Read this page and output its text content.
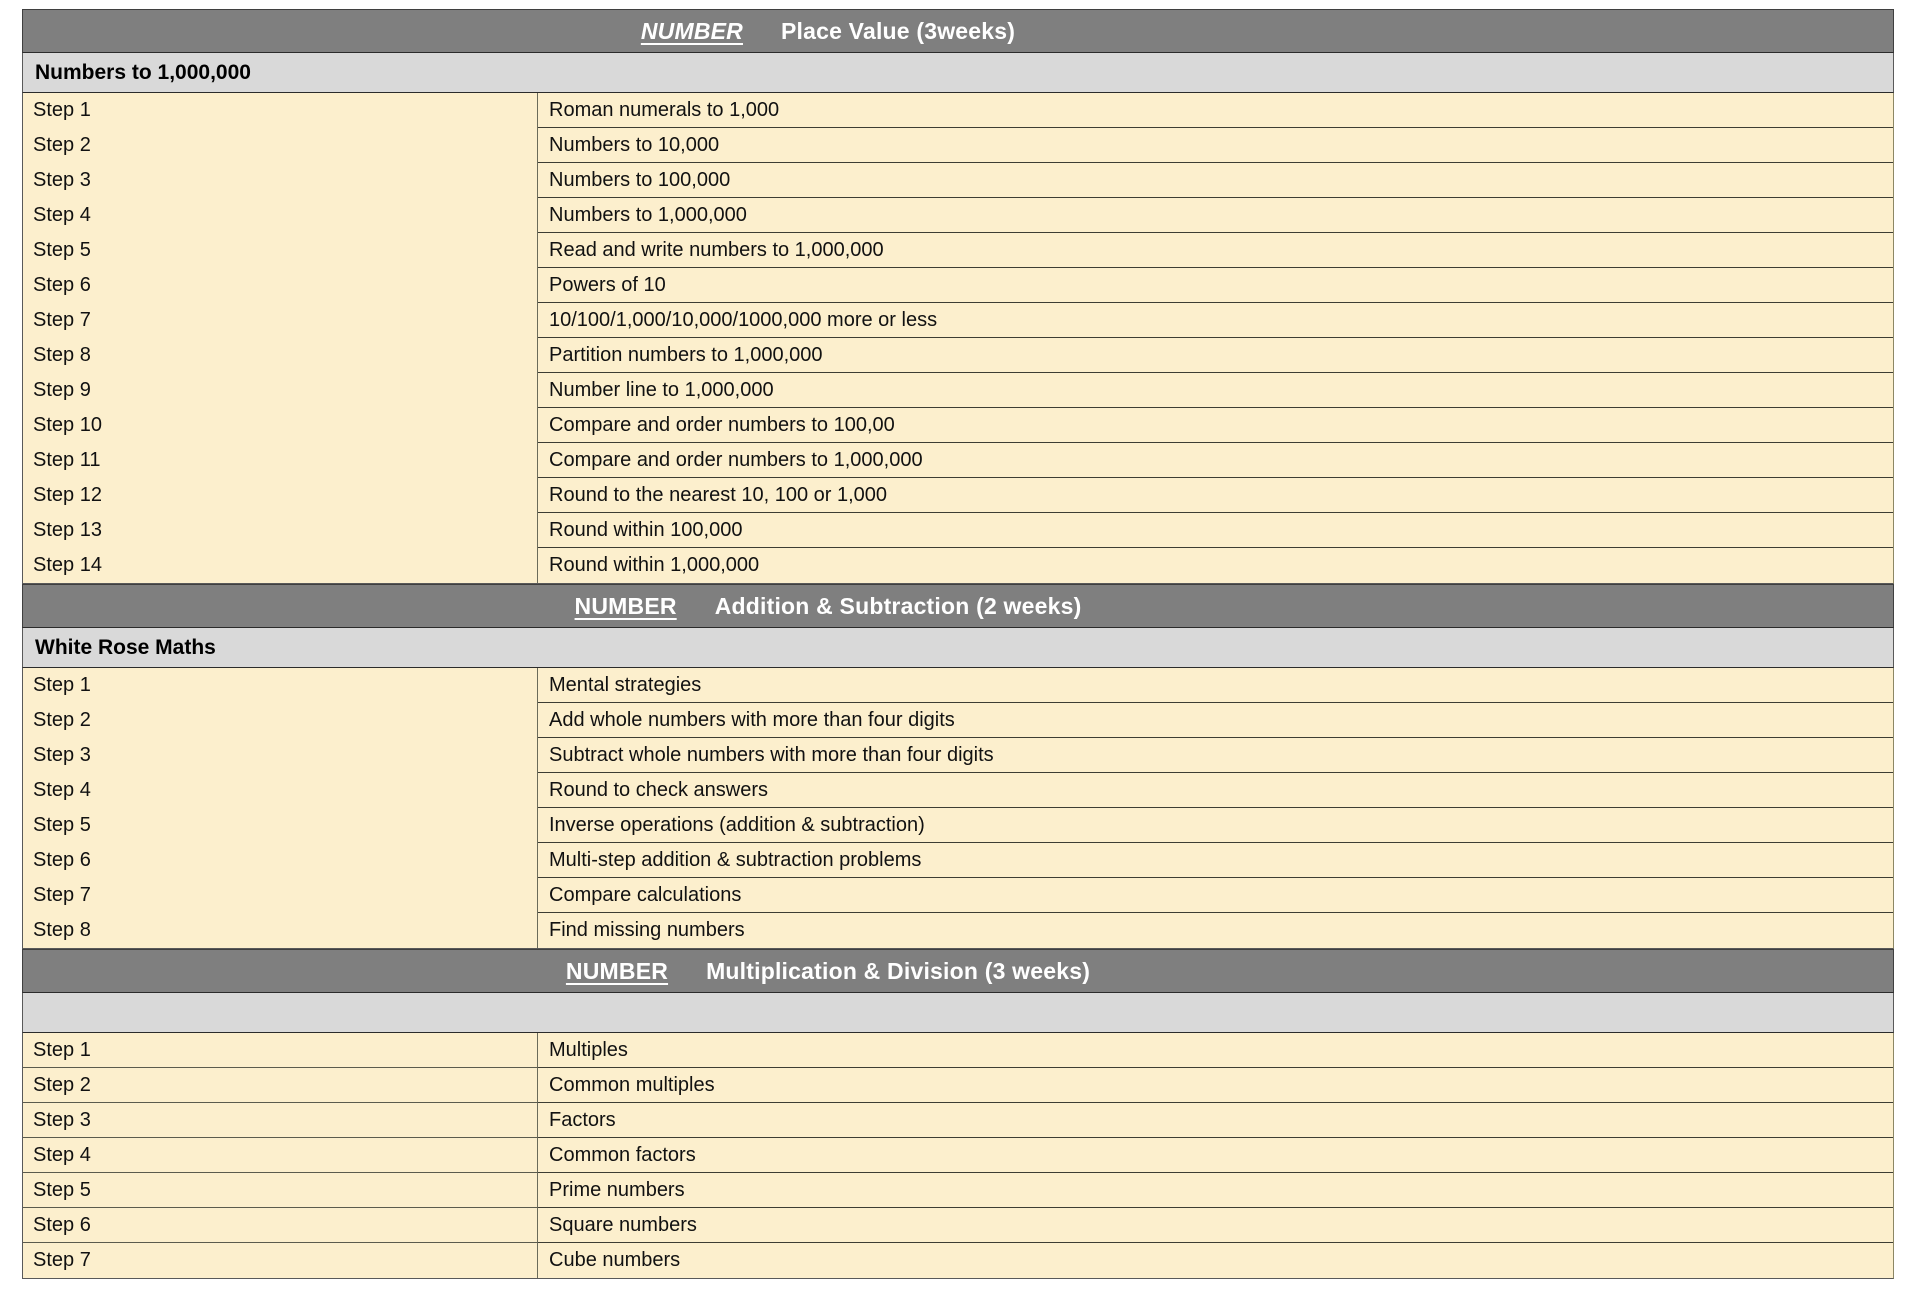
NUMBER Place Value (3weeks)
Numbers to 1,000,000
Step 1	Roman numerals to 1,000
Step 2	Numbers to 10,000
Step 3	Numbers to 100,000
Step 4	Numbers to 1,000,000
Step 5	Read and write numbers to 1,000,000
Step 6	Powers of 10
Step 7	10/100/1,000/10,000/1000,000 more or less
Step 8	Partition numbers to 1,000,000
Step 9	Number line to 1,000,000
Step 10	Compare and order numbers to 100,00
Step 11	Compare and order numbers to 1,000,000
Step 12	Round to the nearest 10, 100 or 1,000
Step 13	Round within 100,000
Step 14	Round within 1,000,000
NUMBER Addition & Subtraction (2 weeks)
White Rose Maths
Step 1	Mental strategies
Step 2	Add whole numbers with more than four digits
Step 3	Subtract whole numbers with more than four digits
Step 4	Round to check answers
Step 5	Inverse operations (addition & subtraction)
Step 6	Multi-step addition & subtraction problems
Step 7	Compare calculations
Step 8	Find missing numbers
NUMBER Multiplication & Division (3 weeks)
Step 1	Multiples
Step 2	Common multiples
Step 3	Factors
Step 4	Common factors
Step 5	Prime numbers
Step 6	Square numbers
Step 7	Cube numbers
